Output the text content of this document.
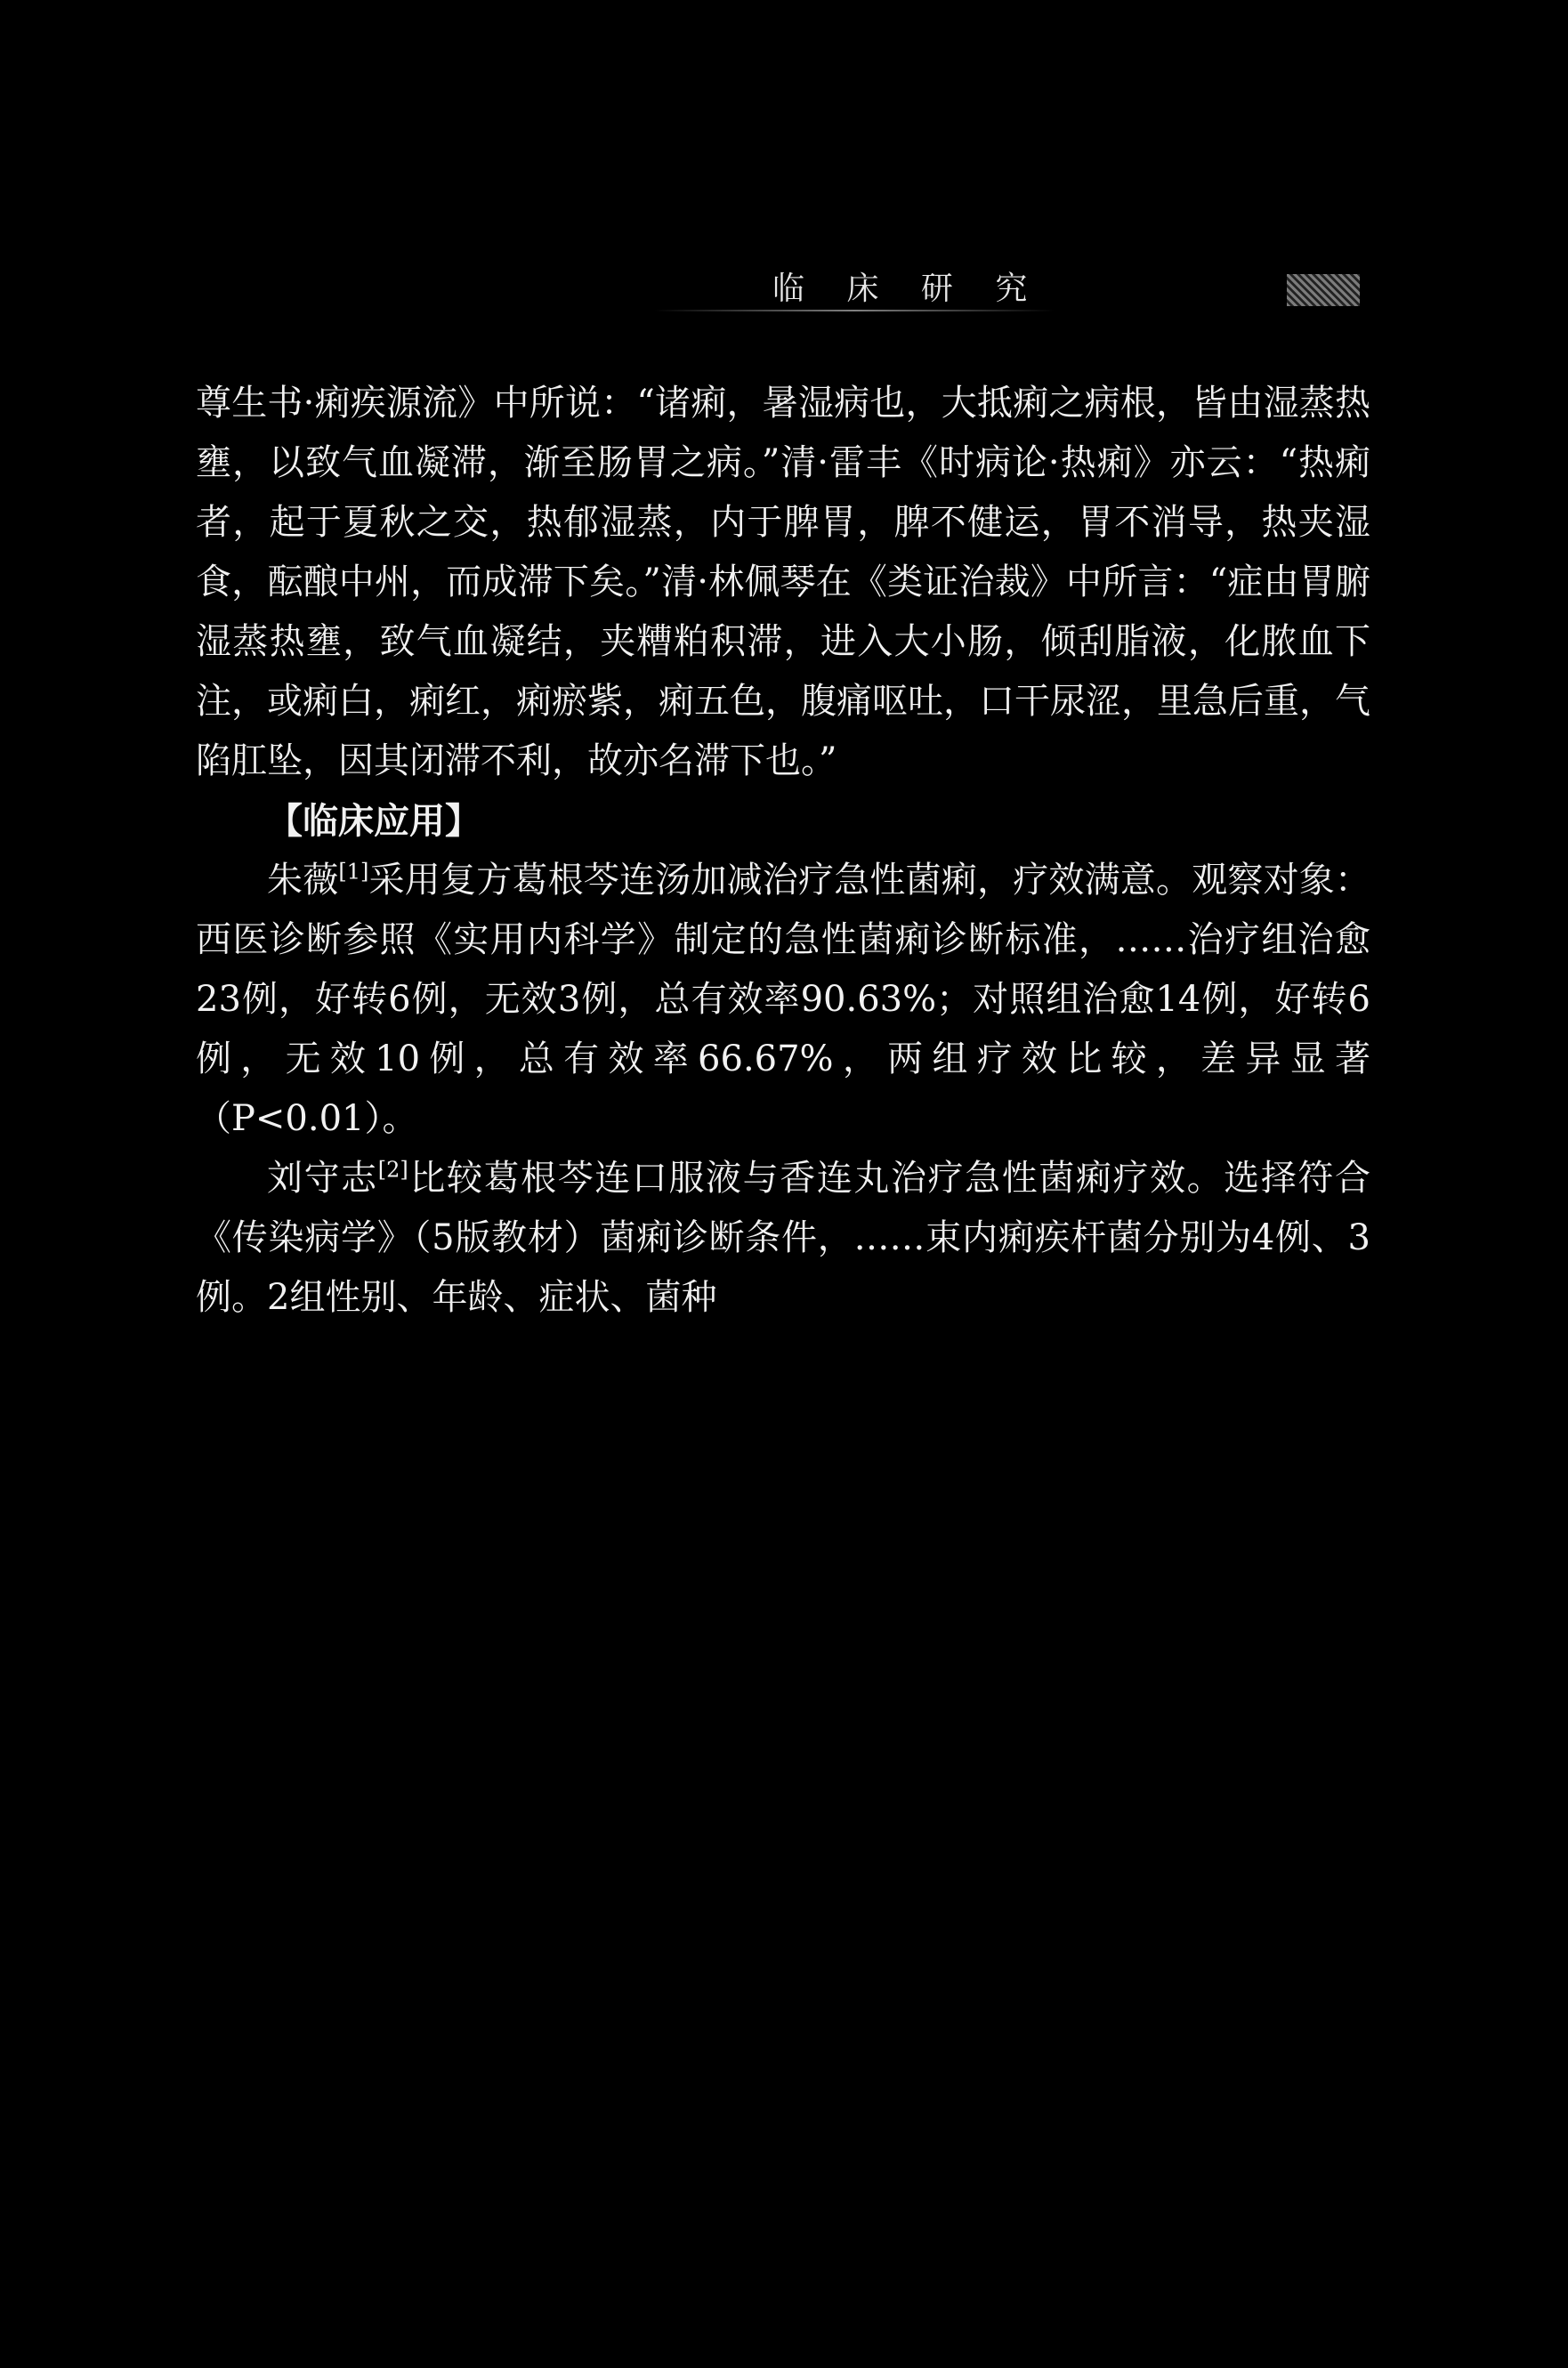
临 床 研 究

尊生书·痢疾源流》中所说：“诸痢，暑湿病也，大抵痢之病根，皆由湿蒸热壅，以致气血凝滞，渐至肠胃之病。”清·雷丰《时病论·热痢》亦云：“热痢者，起于夏秋之交，热郁湿蒸，内于脾胃，脾不健运，胃不消导，热夹湿食，酝酿中州，而成滞下矣。”清·林佩琴在《类证治裁》中所言：“症由胃腑湿蒸热壅，致气血凝结，夹糟粕积滞，进入大小肠，倾刮脂液，化脓血下注，或痢白，痢红，痢瘀紫，痢五色，腹痛呕吐，口干尿涩，里急后重，气陷肛坠，因其闭滞不利，故亦名滞下也。”

【临床应用】

朱薇[1]采用复方葛根芩连汤加减治疗急性菌痢，疗效满意。观察对象：西医诊断参照《实用内科学》制定的急性菌痢诊断标准，……治疗组治愈23例，好转6例，无效3例，总有效率90.63%；对照组治愈14例，好转6例，无效10例，总有效率66.67%，两组疗效比较，差异显著（P<0.01）。

刘守志[2]比较葛根芩连口服液与香连丸治疗急性菌痢疗效。选择符合《传染病学》（5版教材）菌痢诊断条件，……束内痢疾杆菌分别为4例、3例。2组性别、年龄、症状、菌种
